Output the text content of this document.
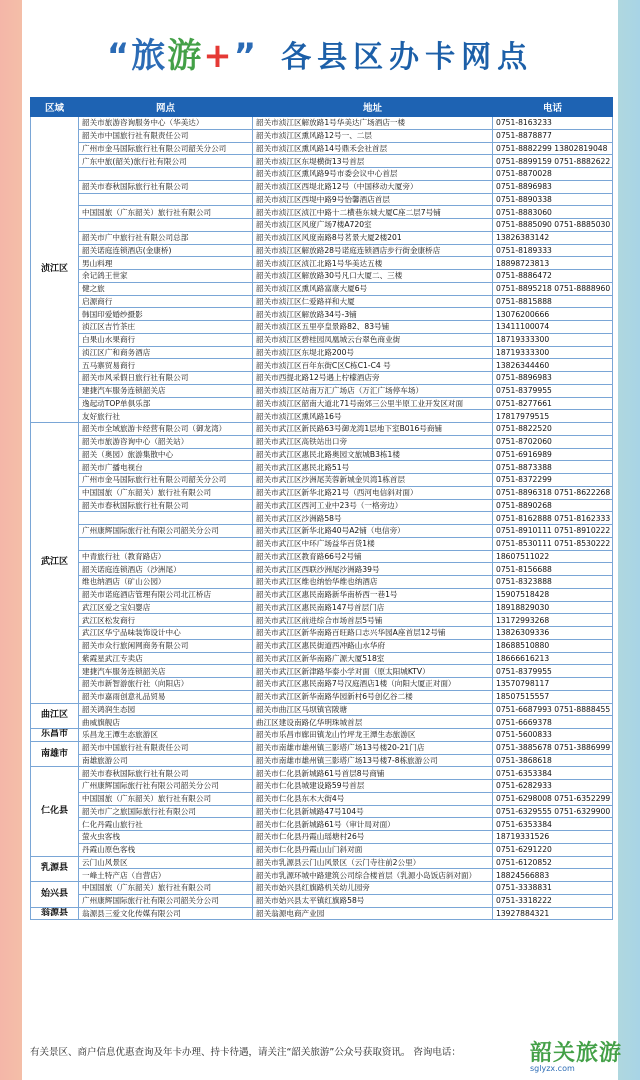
“旅游+” 各县区办卡网点
区域	网点	地址	电话
浈江区	韶关市旅游咨询服务中心（华美达）	韶关市浈江区解放路1号华美达广场酒店一楼	0751-8163233
	韶关市中国旅行社有限责任公司	韶关市浈江区熏风路12号一、二层	0751-8878877
	广州市金马国际旅行社有限公司韶关分公司	韶关市浈江区熏风路14号鼎禾会社首层	0751-8882299 13802819048
	广东中旅(韶关)旅行社有限公司	韶关市浈江区东堤横街13号首层	0751-8899159 0751-8882622
		韶关市浈江区熏风路9号市委会议中心首层	0751-8870028
	韶关市春秋国际旅行社有限公司	韶关市浈江区西堤北路12号（中国移动大厦旁）	0751-8896983
		韶关市浈江区西堤中路9号怡馨酒店首层	0751-8890338
	中国国旅（广东韶关）旅行社有限公司	韶关市浈江区浈江中路十二横巷东城大厦C座二层7号铺	0751-8883060
		韶关市浈江区风度广场7楼A720室	0751-8885090 0751-8885030
	韶关市广中旅行社有限公司总部	韶关市浈江区风度南路8号茗景大厦2楼201	13826383142
	韶关诺庭连锁酒店(金康桥)	韶关市浈江区解放路28号诺庭连锁酒店步行街金康桥店	0751-8189333
	男山料理	韶关市浈江区浈江北路1号华美达五楼	18898723813
	余记鸽王世家	韶关市浈江区解放路30号凡口大厦二、三楼	0751-8886472
	健之旅	韶关市浈江区熏风路富康大厦6号	0751-8895218 0751-8888960
	启源商行	韶关市浈江区仁爱路祥和大厦	0751-8815888
	韩国印爱婚纱摄影	韶关市浈江区解放路34号-3铺	13076200666
	浈江区吉竹茶庄	韶关市浈江区五里亭皇景路82、83号铺	13411100074
	白果山水果商行	韶关市浈江区碧桂园凤凰城云台翠色商业街	18719333300
	浈江区广和商务酒店	韶关市浈江区东堤北路200号	18719333300
	五马寨贸易商行	韶关市浈江区百年东街C区C栋C1-C4 号	13826344460
	韶关市风采假日旅行社有限公司	韶关市西提北路12号遇上柠檬酒店旁	0751-8896983
	建捷汽车服务连锁韶关店	韶关市浈江区站南万汇广场店（万汇广场停车场）	0751-8379955
	逸起动TOP单俱乐部	韶关市浈江区韶南大道北71号南郊三公里半原工业开发区对面	0751-8277661
	友好旅行社	韶关市浈江区熏风路16号	17817979515
武江区	韶关市全域旅游卡经营有限公司（御龙湾）	韶关市武江区新民路63号御龙湾1层地下室B016号商铺	0751-8822520
	韶关市旅游咨询中心（韶关站）	韶关市武江区高铁站出口旁	0751-8702060
	韶关（奥园）旅游集散中心	韶关市武江区惠民北路奥园文旅城B3栋1楼	0751-6916989
	韶关市广播电视台	韶关市武江区惠民北路51号	0751-8873388
	广州市金马国际旅行社有限公司韶关分公司	韶关市武江区沙洲尾芙蓉新城金贝湾1栋首层	0751-8372299
	中国国旅（广东韶关）旅行社有限公司	韶关市武江区新华北路21号（西河电信斜对面）	0751-8896318 0751-8622268
	韶关市春秋国际旅行社有限公司	韶关市武江区西河工业中23号（一格旁边）	0751-8890268
		韶关市武江区沙洲路58号	0751-8162888 0751-8162333
	广州康辉国际旅行社有限公司韶关分公司	韶关市武江区新华北路40号A2铺（电信旁）	0751-8910111 0751-8910222
		韶关市武江区中环广场益华百货1楼	0751-8530111 0751-8530222
	中青旅行社（教育路店）	韶关市武江区教育路66号2号铺	18607511022
	韶关诺庭连锁酒店（沙洲尾）	韶关市武江区西联沙洲尾沙洲路39号	0751-8156688
	维也纳酒店（矿山公园）	韶关市武江区维也纳怡华维也纳酒店	0751-8323888
	韶关市诺庭酒店管理有限公司北江桥店	韶关市武江区惠民南路新华南桥西一巷1号	15907518428
	武江区爱之宝妇婴店	韶关市武江区惠民南路147号首层门店	18918829030
	武江区松发商行	韶关市武江区前进综合市场首层5号铺	13172993268
	武江区华宁品味装饰设计中心	韶关市武江区新华南路百旺路口志兴华园A座首层12号铺	13826309336
	韶关市众行旅闲网商务有限公司	韶关市武江区惠民街道西冲路山水华府	18688510880
	紫霞星武江专卖店	韶关市武江区新华南路广源大厦518室	18666616213
	建捷汽车服务连锁韶关店	韶关市武江区新津路华泰小学对面（原太阳城KTV）	0751-8379955
	韶关市新智游旅行社（向阳店）	韶关市武江区惠民南路7号汉庭酒店1楼（向阳大厦正对面）	13570798117
	韶关市嘉雨创意礼品贸易	韶关市武江区新华南路华园新村6号创亿谷二楼	18507515557
曲江区	韶关鸿润生态园	韶关市曲江区马坝镇官陂塘	0751-6687993 0751-8888455
	曲威旗舰店	曲江区建设南路亿华明珠城首层	0751-6669378
乐昌市	乐昌龙王潭生态旅游区	韶关市乐昌市廊田镇龙山竹坪龙王潭生态旅游区	0751-5600833
南雄市	韶关市中国旅行社有限责任公司	韶关市南雄市雄州镇三影塔广场13号楼20-21门店	0751-3885678 0751-3886999
	南雄旅游公司	韶关市南雄市雄州镇三影塔广场13号楼7-8栋旅游公司	0751-3868618
仁化县	韶关市春秋国际旅行社有限公司	韶关市仁化县新城路61号首层8号商铺	0751-6353384
	广州康辉国际旅行社有限公司韶关分公司	韶关市仁化县城建设路59号首层	0751-6282933
	中国国旅（广东韶关）旅行社有限公司	韶关市仁化县东木大街4号	0751-6298008 0751-6352299
	韶关市广之旅国际旅行社有限公司	韶关市仁化县新城路47号104号	0751-6329555 0751-6329900
	仁化丹霞山旅行社	韶关市仁化县新城路61号（审计局对面）	0751-6353384
	萤火虫客栈	韶关市仁化县丹霞山瑶塘村26号	18719331526
	丹霞山原色客栈	韶关市仁化县丹霞山山门斜对面	0751-6291220
乳源县	云门山风景区	韶关市乳源县云门山风景区（云门寺往前2公里）	0751-6120852
	一峰土特产店（自营店）	韶关市乳源环城中路建筑公司综合楼首层（乳源小岛饭店斜对面）	18824566883
始兴县	中国国旅（广东韶关）旅行社有限公司	韶关市始兴县红旗路机关幼儿园旁	0751-3338831
	广州康辉国际旅行社有限公司韶关分公司	韶关市始兴县太平镇红旗路58号	0751-3318222
翁源县	翁源县三爱文化传媒有限公司	韶关翁源电商产业园	13927884321
有关景区、商户信息优惠查询及年卡办理、持卡待遇，请关注“韶关旅游”公众号获取资讯。 咨询电话：	韶关旅游
sglyzx.com
